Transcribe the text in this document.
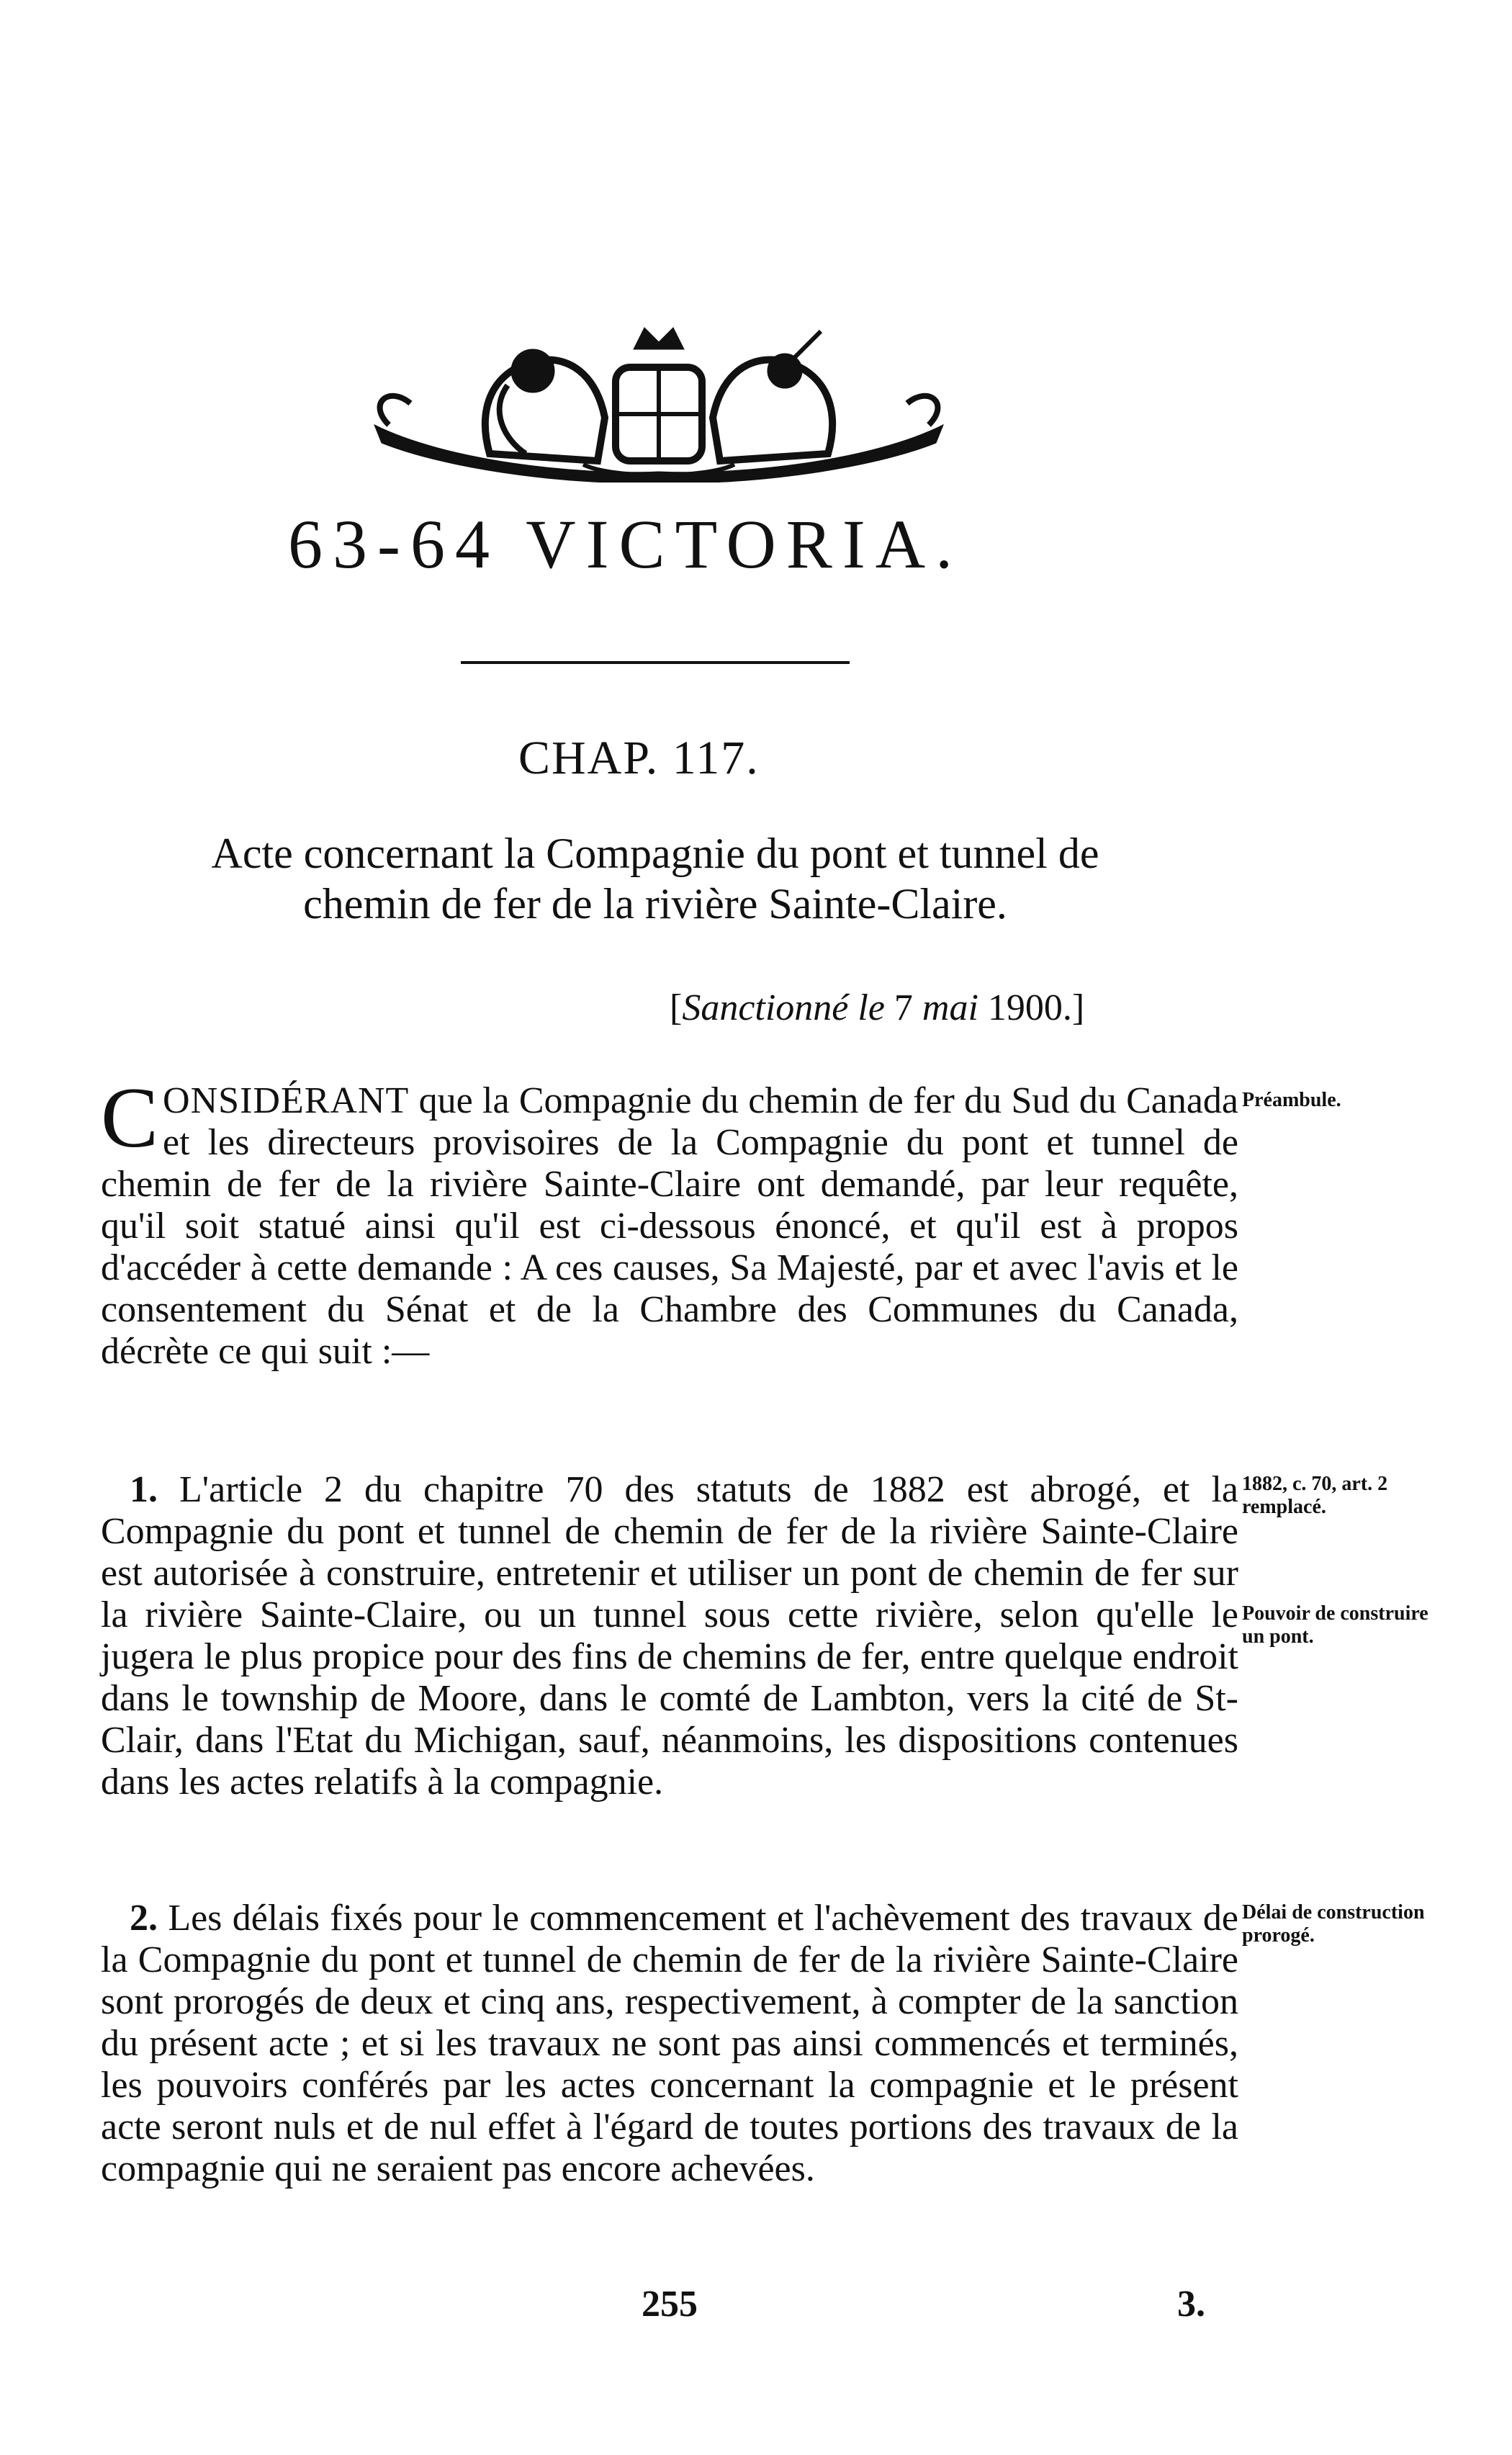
63-64 VICTORIA.
CHAP. 117.
Acte concernant la Compagnie du pont et tunnel de
chemin de fer de la rivière Sainte-Claire.
[Sanctionné le 7 mai 1900.]
CONSIDÉRANT que la Compagnie du chemin de fer du Sud du Canada et les directeurs provisoires de la Compagnie du pont et tunnel de chemin de fer de la rivière Sainte-Claire ont demandé, par leur requête, qu'il soit statué ainsi qu'il est ci-dessous énoncé, et qu'il est à propos d'accéder à cette demande : A ces causes, Sa Majesté, par et avec l'avis et le consentement du Sénat et de la Chambre des Communes du Canada, décrète ce qui suit :—
Préambule.
1. L'article 2 du chapitre 70 des statuts de 1882 est abrogé, et la Compagnie du pont et tunnel de chemin de fer de la rivière Sainte-Claire est autorisée à construire, entretenir et utiliser un pont de chemin de fer sur la rivière Sainte-Claire, ou un tunnel sous cette rivière, selon qu'elle le jugera le plus propice pour des fins de chemins de fer, entre quelque endroit dans le township de Moore, dans le comté de Lambton, vers la cité de St-Clair, dans l'Etat du Michigan, sauf, néanmoins, les dispositions contenues dans les actes relatifs à la compagnie.
1882, c. 70, art. 2 remplacé.
Pouvoir de construire un pont.
2. Les délais fixés pour le commencement et l'achèvement des travaux de la Compagnie du pont et tunnel de chemin de fer de la rivière Sainte-Claire sont prorogés de deux et cinq ans, respectivement, à compter de la sanction du présent acte ; et si les travaux ne sont pas ainsi commencés et terminés, les pouvoirs conférés par les actes concernant la compagnie et le présent acte seront nuls et de nul effet à l'égard de toutes portions des travaux de la compagnie qui ne seraient pas encore achevées.
Délai de construction prorogé.
255	3.
